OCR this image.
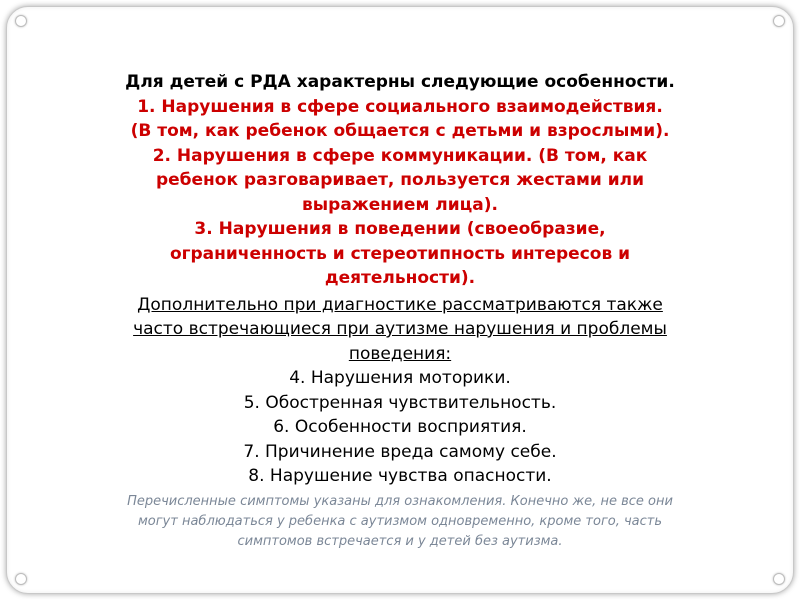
Для детей с РДА характерны следующие особенности.

1. Нарушения в сфере социального взаимодействия.

(В том, как ребенок общается с детьми и взрослыми).

2. Нарушения в сфере коммуникации. (В том, как

ребенок разговаривает, пользуется жестами или

выражением лица).

3. Нарушения в поведении (своеобразие,

ограниченность и стереотипность интересов и

деятельности).

Дополнительно при диагностике рассматриваются также

часто встречающиеся при аутизме нарушения и проблемы

поведения:

4. Нарушения моторики.

5. Обостренная чувствительность.

6. Особенности восприятия.

7. Причинение вреда самому себе.

8. Нарушение чувства опасности.

Перечисленные симптомы указаны для ознакомления. Конечно же, не все они

могут наблюдаться у ребенка с аутизмом одновременно, кроме того, часть

симптомов встречается и у детей без аутизма.
